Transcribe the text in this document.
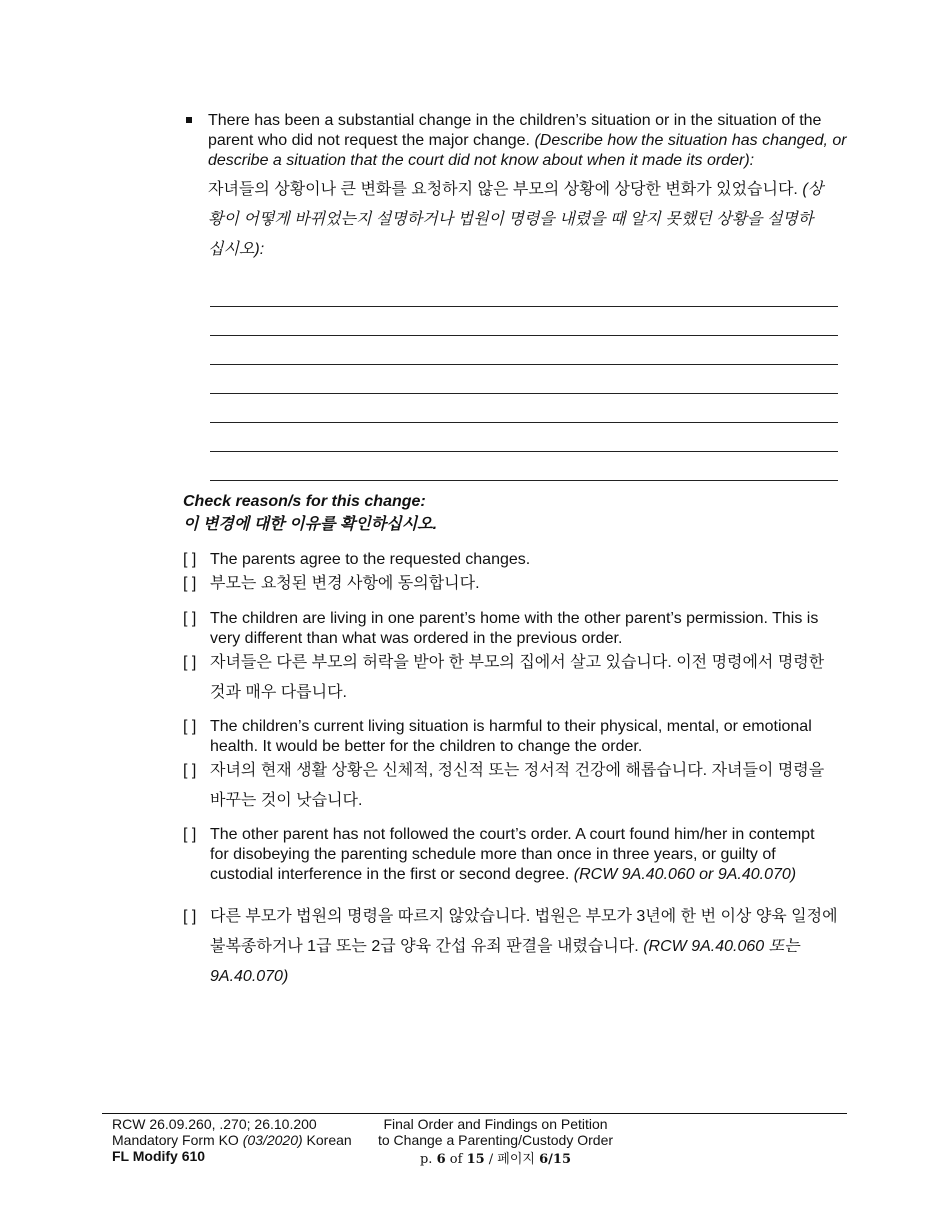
There has been a substantial change in the children’s situation or in the situation of the parent who did not request the major change. (Describe how the situation has changed, or describe a situation that the court did not know about when it made its order):
자녀들의 상황이나 큰 변화를 요청하지 않은 부모의 상황에 상당한 변화가 있었습니다. (상황이 어떻게 바뀌었는지 설명하거나 법원이 명령을 내렸을 때 알지 못했던 상황을 설명하십시오):
Check reason/s for this change:
이 변경에 대한 이유를 확인하십시오.
[ ] The parents agree to the requested changes.
[ ] 부모는 요청된 변경 사항에 동의합니다.
[ ] The children are living in one parent’s home with the other parent’s permission. This is very different than what was ordered in the previous order.
[ ] 자녀들은 다른 부모의 허락을 받아 한 부모의 집에서 살고 있습니다. 이전 명령에서 명령한 것과 매우 다릅니다.
[ ] The children’s current living situation is harmful to their physical, mental, or emotional health. It would be better for the children to change the order.
[ ] 자녀의 현재 생활 상황은 신체적, 정신적 또는 정서적 건강에 해롭습니다. 자녀들이 명령을 바꾸는 것이 낫습니다.
[ ] The other parent has not followed the court’s order. A court found him/her in contempt for disobeying the parenting schedule more than once in three years, or guilty of custodial interference in the first or second degree. (RCW 9A.40.060 or 9A.40.070)
[ ] 다른 부모가 법원의 명령을 따르지 않았습니다. 법원은 부모가 3년에 한 번 이상 양육 일정에 불복종하거나 1급 또는 2급 양육 간섭 유죄 판결을 내렸습니다. (RCW 9A.40.060 또는 9A.40.070)
RCW 26.09.260, .270; 26.10.200
Mandatory Form KO (03/2020) Korean
FL Modify 610
Final Order and Findings on Petition
to Change a Parenting/Custody Order
p. 6 of 15 / 페이지 6/15
